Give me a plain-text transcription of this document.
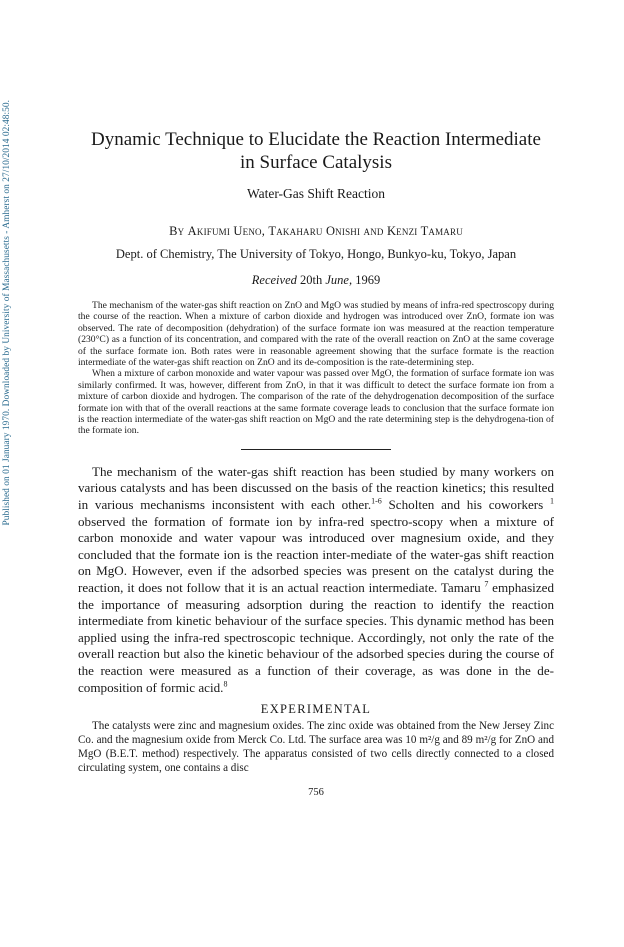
Published on 01 January 1970. Downloaded by University of Massachusetts - Amherst on 27/10/2014 02:48:50.	Dynamic Technique to Elucidate the Reaction Intermediate
in Surface Catalysis
Water-Gas Shift Reaction
By Akifumi Ueno, Takaharu Onishi and Kenzi Tamaru
Dept. of Chemistry, The University of Tokyo, Hongo, Bunkyo-ku, Tokyo, Japan
Received 20th June, 1969

The mechanism of the water-gas shift reaction on ZnO and MgO was studied by means of infra-red spectroscopy during the course of the reaction. When a mixture of carbon dioxide and hydrogen was introduced over ZnO, formate ion was observed. The rate of decomposition (dehydration) of the surface formate ion was measured at the reaction temperature (230°C) as a function of its concentration, and compared with the rate of the overall reaction on ZnO at the same coverage of the surface formate ion. Both rates were in reasonable agreement showing that the surface formate is the reaction intermediate of the water-gas shift reaction on ZnO and its de-composition is the rate-determining step.

When a mixture of carbon monoxide and water vapour was passed over MgO, the formation of surface formate ion was similarly confirmed. It was, however, different from ZnO, in that it was difficult to detect the surface formate ion from a mixture of carbon dioxide and hydrogen. The comparison of the rate of the dehydrogenation decomposition of the surface formate ion with that of the overall reactions at the same formate coverage leads to conclusion that the surface formate ion is the reaction intermediate of the water-gas shift reaction on MgO and the rate determining step is the dehydrogena-tion of the formate ion.

The mechanism of the water-gas shift reaction has been studied by many workers on various catalysts and has been discussed on the basis of the reaction kinetics; this resulted in various mechanisms inconsistent with each other.$^{1-6}$ Scholten and his coworkers $^1$ observed the formation of formate ion by infra-red spectro-scopy when a mixture of carbon monoxide and water vapour was introduced over magnesium oxide, and they concluded that the formate ion is the reaction inter-mediate of the water-gas shift reaction on MgO. However, even if the adsorbed species was present on the catalyst during the reaction, it does not follow that it is an actual reaction intermediate. Tamaru $^7$ emphasized the importance of measuring adsorption during the reaction to identify the reaction intermediate from kinetic behaviour of the surface species. This dynamic method has been applied using the infra-red spectroscopic technique. Accordingly, not only the rate of the overall reaction but also the kinetic behaviour of the adsorbed species during the course of the reaction were measured as a function of their coverage, as was done in the de-composition of formic acid.$^8$

EXPERIMENTAL

The catalysts were zinc and magnesium oxides. The zinc oxide was obtained from the New Jersey Zinc Co. and the magnesium oxide from Merck Co. Ltd. The surface area was 10 m²/g and 89 m²/g for ZnO and MgO (B.E.T. method) respectively. The apparatus consisted of two cells directly connected to a closed circulating system, one contains a disc

756
